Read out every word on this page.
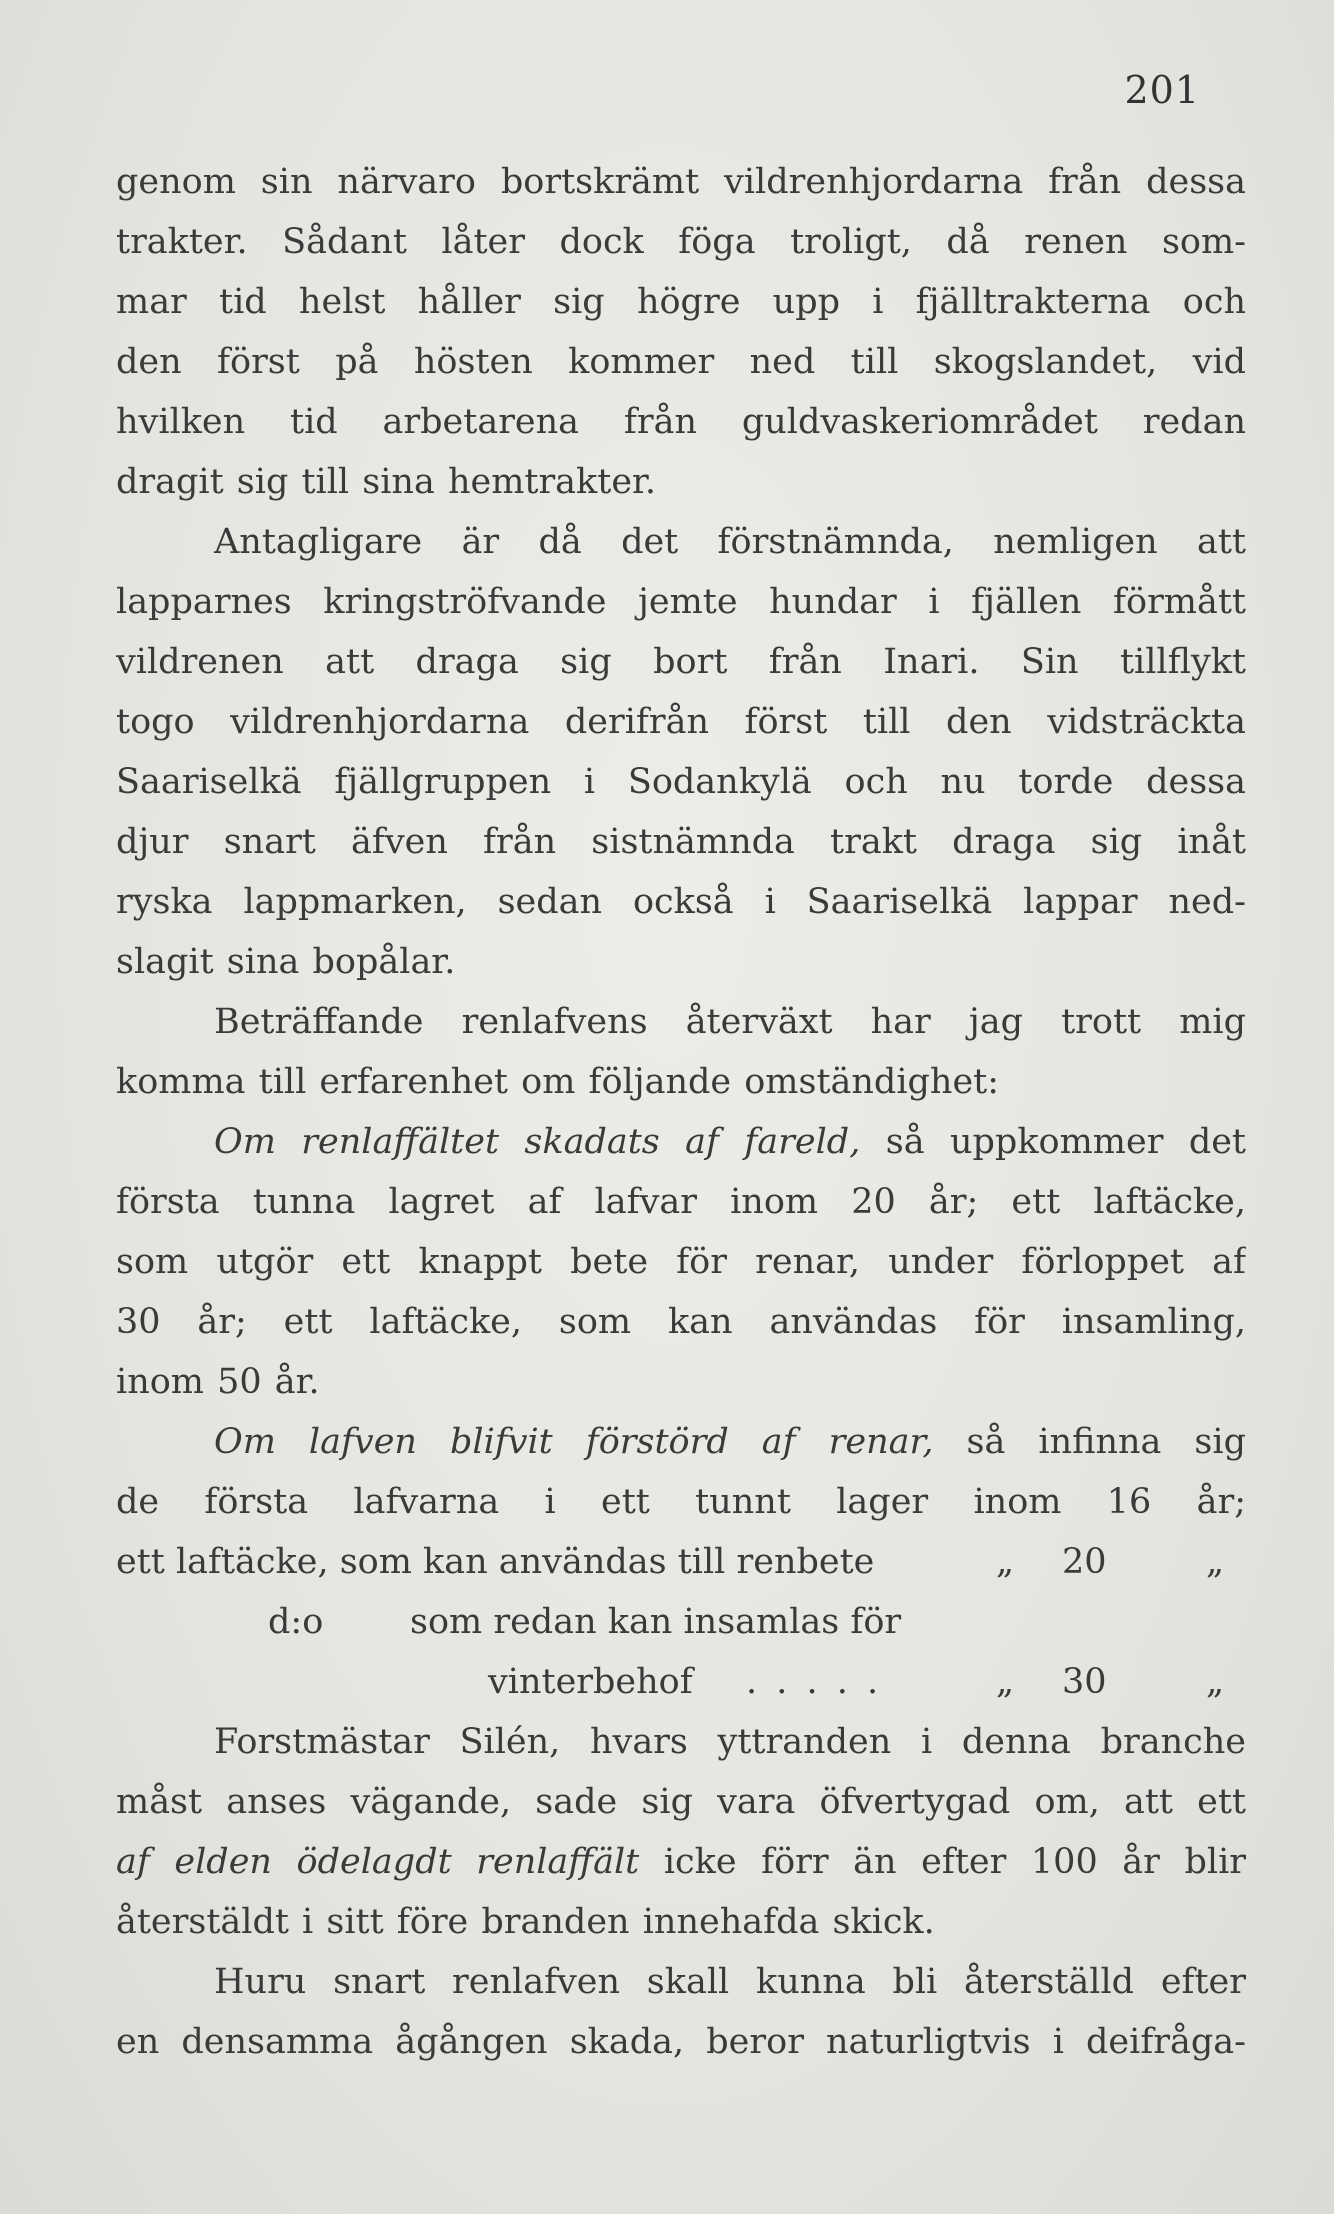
201
genom sin närvaro bortskrämt vildrenhjordarna från dessa
trakter. Sådant låter dock föga troligt, då renen som-
mar tid helst håller sig högre upp i fjälltrakterna och
den först på hösten kommer ned till skogslandet, vid
hvilken tid arbetarena från guldvaskeriområdet redan
dragit sig till sina hemtrakter.
Antagligare är då det förstnämnda, nemligen att
lapparnes kringströfvande jemte hundar i fjällen förmått
vildrenen att draga sig bort från Inari. Sin tillflykt
togo vildrenhjordarna derifrån först till den vidsträckta
Saariselkä fjällgruppen i Sodankylä och nu torde dessa
djur snart äfven från sistnämnda trakt draga sig inåt
ryska lappmarken, sedan också i Saariselkä lappar ned-
slagit sina bopålar.
Beträffande renlafvens återväxt har jag trott mig
komma till erfarenhet om följande omständighet:
Om renlaffältet skadats af fareld, så uppkommer det
första tunna lagret af lafvar inom 20 år; ett laftäcke,
som utgör ett knappt bete för renar, under förloppet af
30 år; ett laftäcke, som kan användas för insamling,
inom 50 år.
Om lafven blifvit förstörd af renar, så infinna sig
de första lafvarna i ett tunnt lager inom 16 år;
ett laftäcke, som kan användas till renbete	„ 20	„
d:o som redan kan insamlas för
vinterbehof . . . . .	„ 30	„
Forstmästar Silén, hvars yttranden i denna branche
måst anses vägande, sade sig vara öfvertygad om, att ett
af elden ödelagdt renlaffält icke förr än efter 100 år blir
återstäldt i sitt före branden innehafda skick.
Huru snart renlafven skall kunna bli återställd efter
en densamma ågången skada, beror naturligtvis i deifråga-
